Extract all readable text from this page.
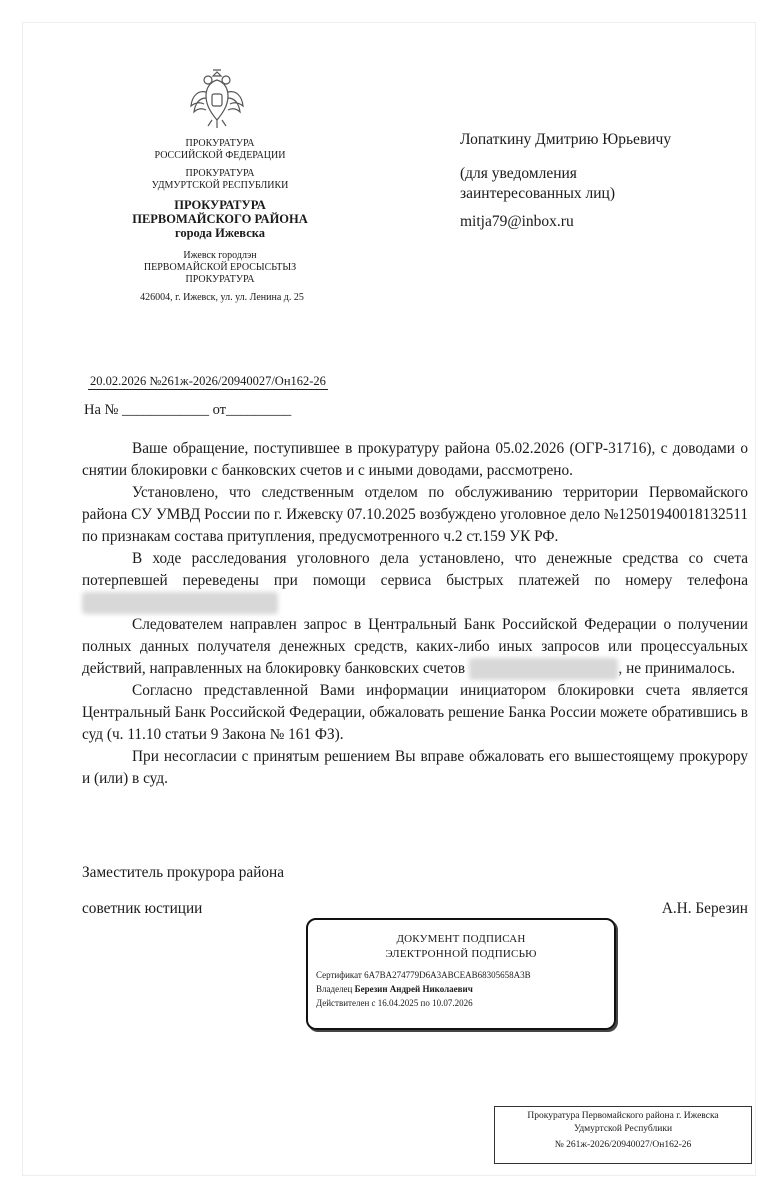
ПРОКУРАТУРА
РОССИЙСКОЙ ФЕДЕРАЦИИ
ПРОКУРАТУРА
УДМУРТСКОЙ РЕСПУБЛИКИ
ПРОКУРАТУРА
ПЕРВОМАЙСКОГО РАЙОНА
города Ижевска
Ижевск городлэн
ПЕРВОМАЙСКОЙ ЕРОСЫСЬТЫЗ
ПРОКУРАТУРА
426004, г. Ижевск, ул. ул. Ленина д. 25
Лопаткину Дмитрию Юрьевичу
(для уведомления
заинтересованных лиц)
mitja79@inbox.ru
20.02.2026 №261ж-2026/20940027/Он162-26
На № ____________ от_________

Ваше обращение, поступившее в прокуратуру района 05.02.2026 (ОГР-31716), с доводами о снятии блокировки с банковских счетов и с иными доводами, рассмотрено.

Установлено, что следственным отделом по обслуживанию территории Первомайского района СУ УМВД России по г. Ижевску 07.10.2025 возбуждено уголовное дело №12501940018132511 по признакам состава притупления, предусмотренного ч.2 ст.159 УК РФ.

В ходе расследования уголовного дела установлено, что денежные средства со счета потерпевшей переведены при помощи сервиса быстрых платежей по номеру телефона

Следователем направлен запрос в Центральный Банк Российской Федерации о получении полных данных получателя денежных средств, каких-либо иных запросов или процессуальных действий, направленных на блокировку банковских счетов	, не принималось.

Согласно представленной Вами информации инициатором блокировки счета является Центральный Банк Российской Федерации, обжаловать решение Банка России можете обратившись в суд (ч. 11.10 статьи 9 Закона № 161 ФЗ).

При несогласии с принятым решением Вы вправе обжаловать его вышестоящему прокурору и (или) в суд.

Заместитель прокурора района
советник юстиции	А.Н. Березин
ДОКУМЕНТ ПОДПИСАН
ЭЛЕКТРОННОЙ ПОДПИСЬЮ
Сертификат 6A7BA274779D6A3ABCEAB68305658A3B
Владелец Березин Андрей Николаевич
Действителен с 16.04.2025 по 10.07.2026
Прокуратура Первомайского района г. Ижевска
Удмуртской Республики
№ 261ж-2026/20940027/Он162-26
